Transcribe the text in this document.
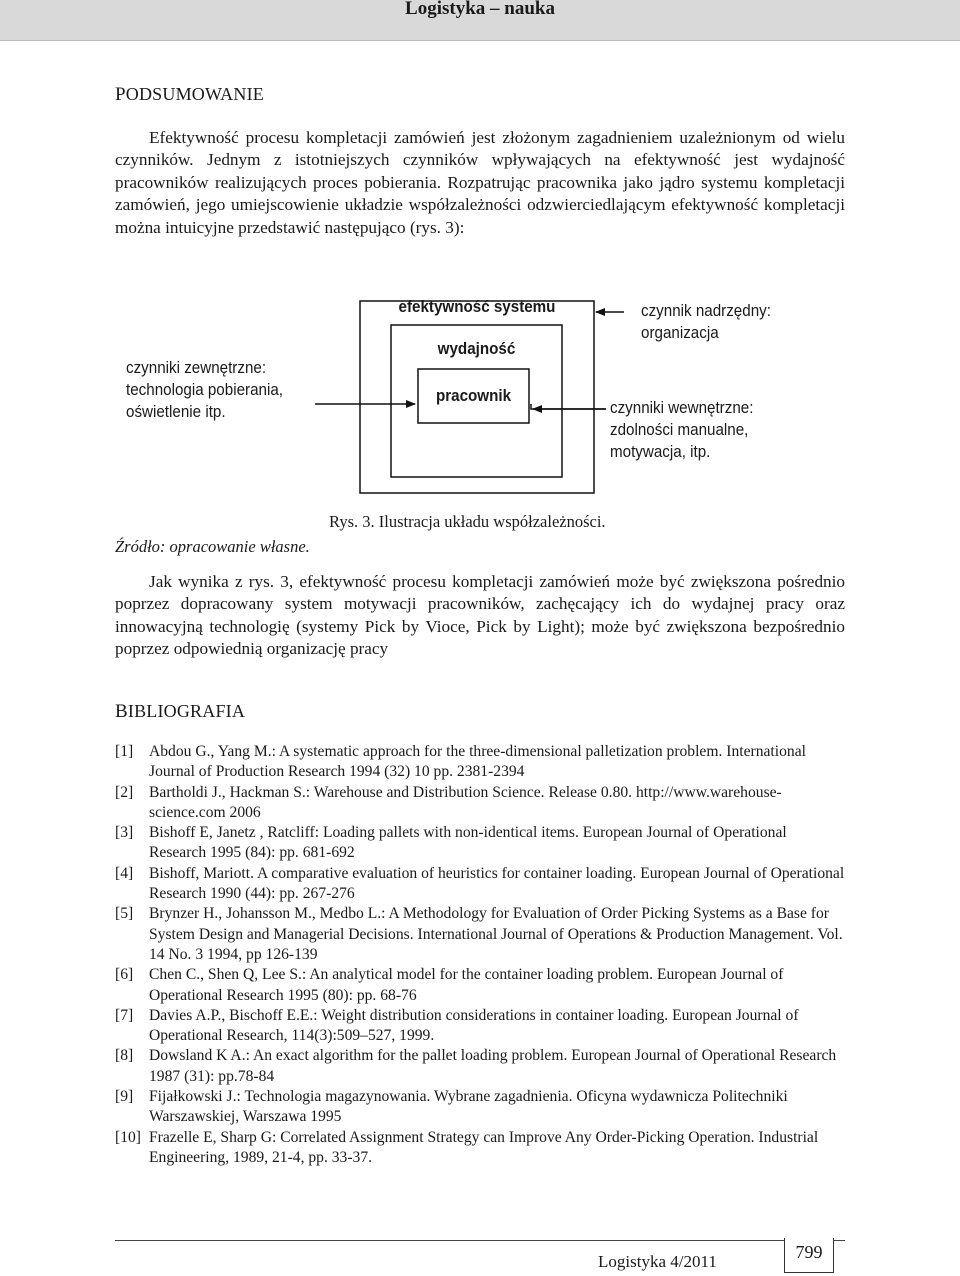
Logistyka – nauka
PODSUMOWANIE

Efektywność procesu kompletacji zamówień jest złożonym zagadnieniem uzależnionym od wielu czynników. Jednym z istotniejszych czynników wpływających na efektywność jest wydajność pracowników realizujących proces pobierania. Rozpatrując pracownika jako jądro systemu kompletacji zamówień, jego umiejscowienie układzie współzależności odzwierciedlającym efektywność kompletacji można intuicyjne przedstawić następująco (rys. 3):

efektywność systemu
wydajność
pracownik
czynnik nadrzędny:
organizacja
czynniki zewnętrzne:
technologia pobierania,
oświetlenie itp.	czynniki wewnętrzne:
zdolności manualne,
motywacja, itp.
Rys. 3. Ilustracja układu współzależności.
Źródło: opracowanie własne.

Jak wynika z rys. 3, efektywność procesu kompletacji zamówień może być zwiększona pośrednio poprzez dopracowany system motywacji pracowników, zachęcający ich do wydajnej pracy oraz innowacyjną technologię (systemy Pick by Vioce, Pick by Light); może być zwiększona bezpośrednio poprzez odpowiednią organizację pracy

BIBLIOGRAFIA
[1] Abdou G., Yang M.: A systematic approach for the three-dimensional palletization problem. International Journal of Production Research 1994 (32) 10 pp. 2381-2394
[2] Bartholdi J., Hackman S.: Warehouse and Distribution Science. Release 0.80. http://www.warehouse-science.com 2006
[3] Bishoff E, Janetz , Ratcliff: Loading pallets with non-identical items. European Journal of Operational Research 1995 (84): pp. 681-692
[4] Bishoff, Mariott. A comparative evaluation of heuristics for container loading. European Journal of Operational Research 1990 (44): pp. 267-276
[5] Brynzer H., Johansson M., Medbo L.: A Methodology for Evaluation of Order Picking Systems as a Base for System Design and Managerial Decisions. International Journal of Operations & Production Management. Vol. 14 No. 3 1994, pp 126-139
[6] Chen C., Shen Q, Lee S.: An analytical model for the container loading problem. European Journal of Operational Research 1995 (80): pp. 68-76
[7] Davies A.P., Bischoff E.E.: Weight distribution considerations in container loading. European Journal of Operational Research, 114(3):509–527, 1999.
[8] Dowsland K A.: An exact algorithm for the pallet loading problem. European Journal of Operational Research 1987 (31): pp.78-84
[9] Fijałkowski J.: Technologia magazynowania. Wybrane zagadnienia. Oficyna wydawnicza Politechniki Warszawskiej, Warszawa 1995
[10] Frazelle E, Sharp G: Correlated Assignment Strategy can Improve Any Order-Picking Operation. Industrial Engineering, 1989, 21-4, pp. 33-37.
Logistyka 4/2011	799
